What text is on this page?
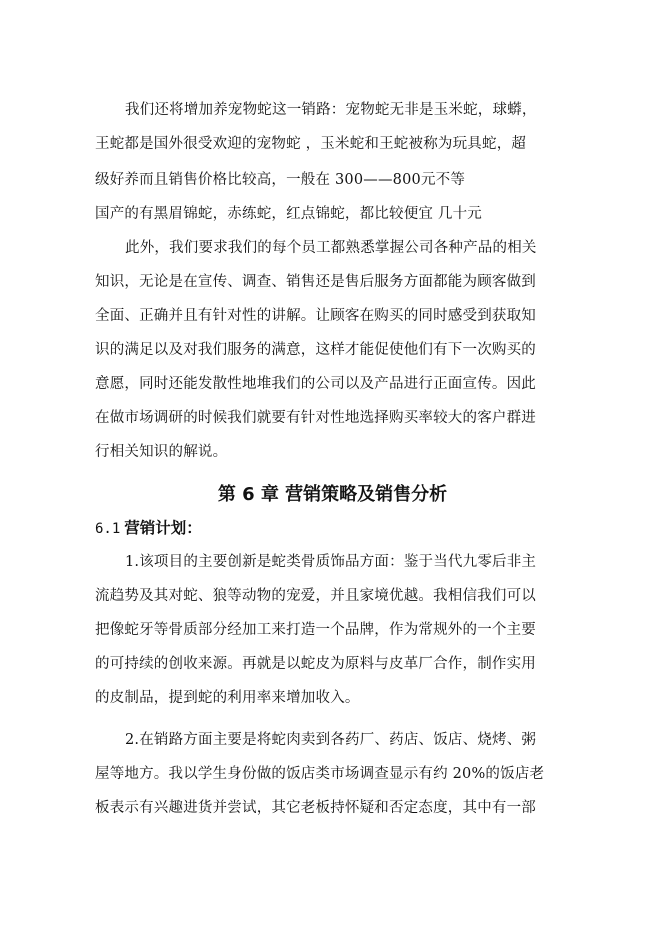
我们还将增加养宠物蛇这一销路：宠物蛇无非是玉米蛇，球蟒，
王蛇都是国外很受欢迎的宠物蛇 ，玉米蛇和王蛇被称为玩具蛇，超
级好养而且销售价格比较高，一般在 300——800元不等
国产的有黑眉锦蛇，赤练蛇，红点锦蛇，都比较便宜 几十元
此外，我们要求我们的每个员工都熟悉掌握公司各种产品的相关
知识，无论是在宣传、调查、销售还是售后服务方面都能为顾客做到
全面、正确并且有针对性的讲解。让顾客在购买的同时感受到获取知
识的满足以及对我们服务的满意，这样才能促使他们有下一次购买的
意愿，同时还能发散性地堆我们的公司以及产品进行正面宣传。因此
在做市场调研的时候我们就要有针对性地选择购买率较大的客户群进
行相关知识的解说。
第 6 章 营销策略及销售分析
6.1 营销计划：
1.该项目的主要创新是蛇类骨质饰品方面：鉴于当代九零后非主
流趋势及其对蛇、狼等动物的宠爱，并且家境优越。我相信我们可以
把像蛇牙等骨质部分经加工来打造一个品牌，作为常规外的一个主要
的可持续的创收来源。再就是以蛇皮为原料与皮革厂合作，制作实用
的皮制品，提到蛇的利用率来增加收入。
2.在销路方面主要是将蛇肉卖到各药厂、药店、饭店、烧烤、粥
屋等地方。我以学生身份做的饭店类市场调查显示有约 20%的饭店老
板表示有兴趣进货并尝试，其它老板持怀疑和否定态度，其中有一部
